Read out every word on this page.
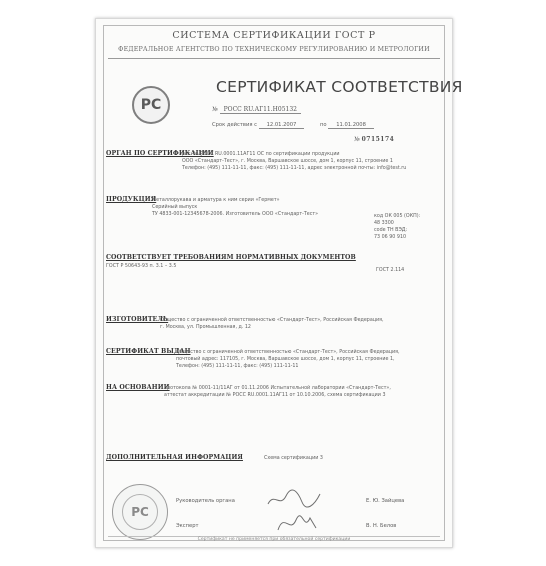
СИСТЕМА СЕРТИФИКАЦИИ ГОСТ Р
ФЕДЕРАЛЬНОЕ АГЕНТСТВО ПО ТЕХНИЧЕСКОМУ РЕГУЛИРОВАНИЮ И МЕТРОЛОГИИ
РС
СЕРТИФИКАТ СООТВЕТСТВИЯ
№ РОСС RU.АГ11.Н05132
Срок действия с 12.01.2007	по 11.01.2008
№ 0715174
ОРГАН ПО СЕРТИФИКАЦИИ
рег. № РОСС RU.0001.11АГ11 ОС по сертификации продукции
ООО «Стандарт-Тест», г. Москва, Варшавское шоссе, дом 1, корпус 11, строение 1
Телефон: (495) 111-11-11, факс: (495) 111-11-11, адрес электронной почты: info@test.ru
ПРОДУКЦИЯ
Металлорукава и арматура к ним серии «Гермет»
Серийный выпуск
ТУ 4833-001-12345678-2006. Изготовитель ООО «Стандарт-Тест»	код ОК 005 (ОКП):
48 3300
code ТН ВЭД:
73 06 90 910
СООТВЕТСТВУЕТ ТРЕБОВАНИЯМ НОРМАТИВНЫХ ДОКУМЕНТОВ
ГОСТ Р 50643-93 п. 3.1 – 3.5
ГОСТ 2.114
ИЗГОТОВИТЕЛЬ
Общество с ограниченной ответственностью «Стандарт-Тест», Российская Федерация,
г. Москва, ул. Промышленная, д. 12
СЕРТИФИКАТ ВЫДАН
Общество с ограниченной ответственностью «Стандарт-Тест», Российская Федерация,
почтовый адрес: 117105, г. Москва, Варшавское шоссе, дом 1, корпус 11, строение 1,
Телефон: (495) 111-11-11, факс: (495) 111-11-11
НА ОСНОВАНИИ
протокола № 0001-11/11АГ от 01.11.2006 Испытательной лаборатории «Стандарт-Тест»,
аттестат аккредитации № РОСС RU.0001.11АГ11 от 10.10.2006, схема сертификации 3
ДОПОЛНИТЕЛЬНАЯ ИНФОРМАЦИЯ	Схема сертификации 3
РС
Руководитель органа	Е. Ю. Зайцева
Эксперт	В. Н. Белов
Сертификат не применяется при обязательной сертификации
